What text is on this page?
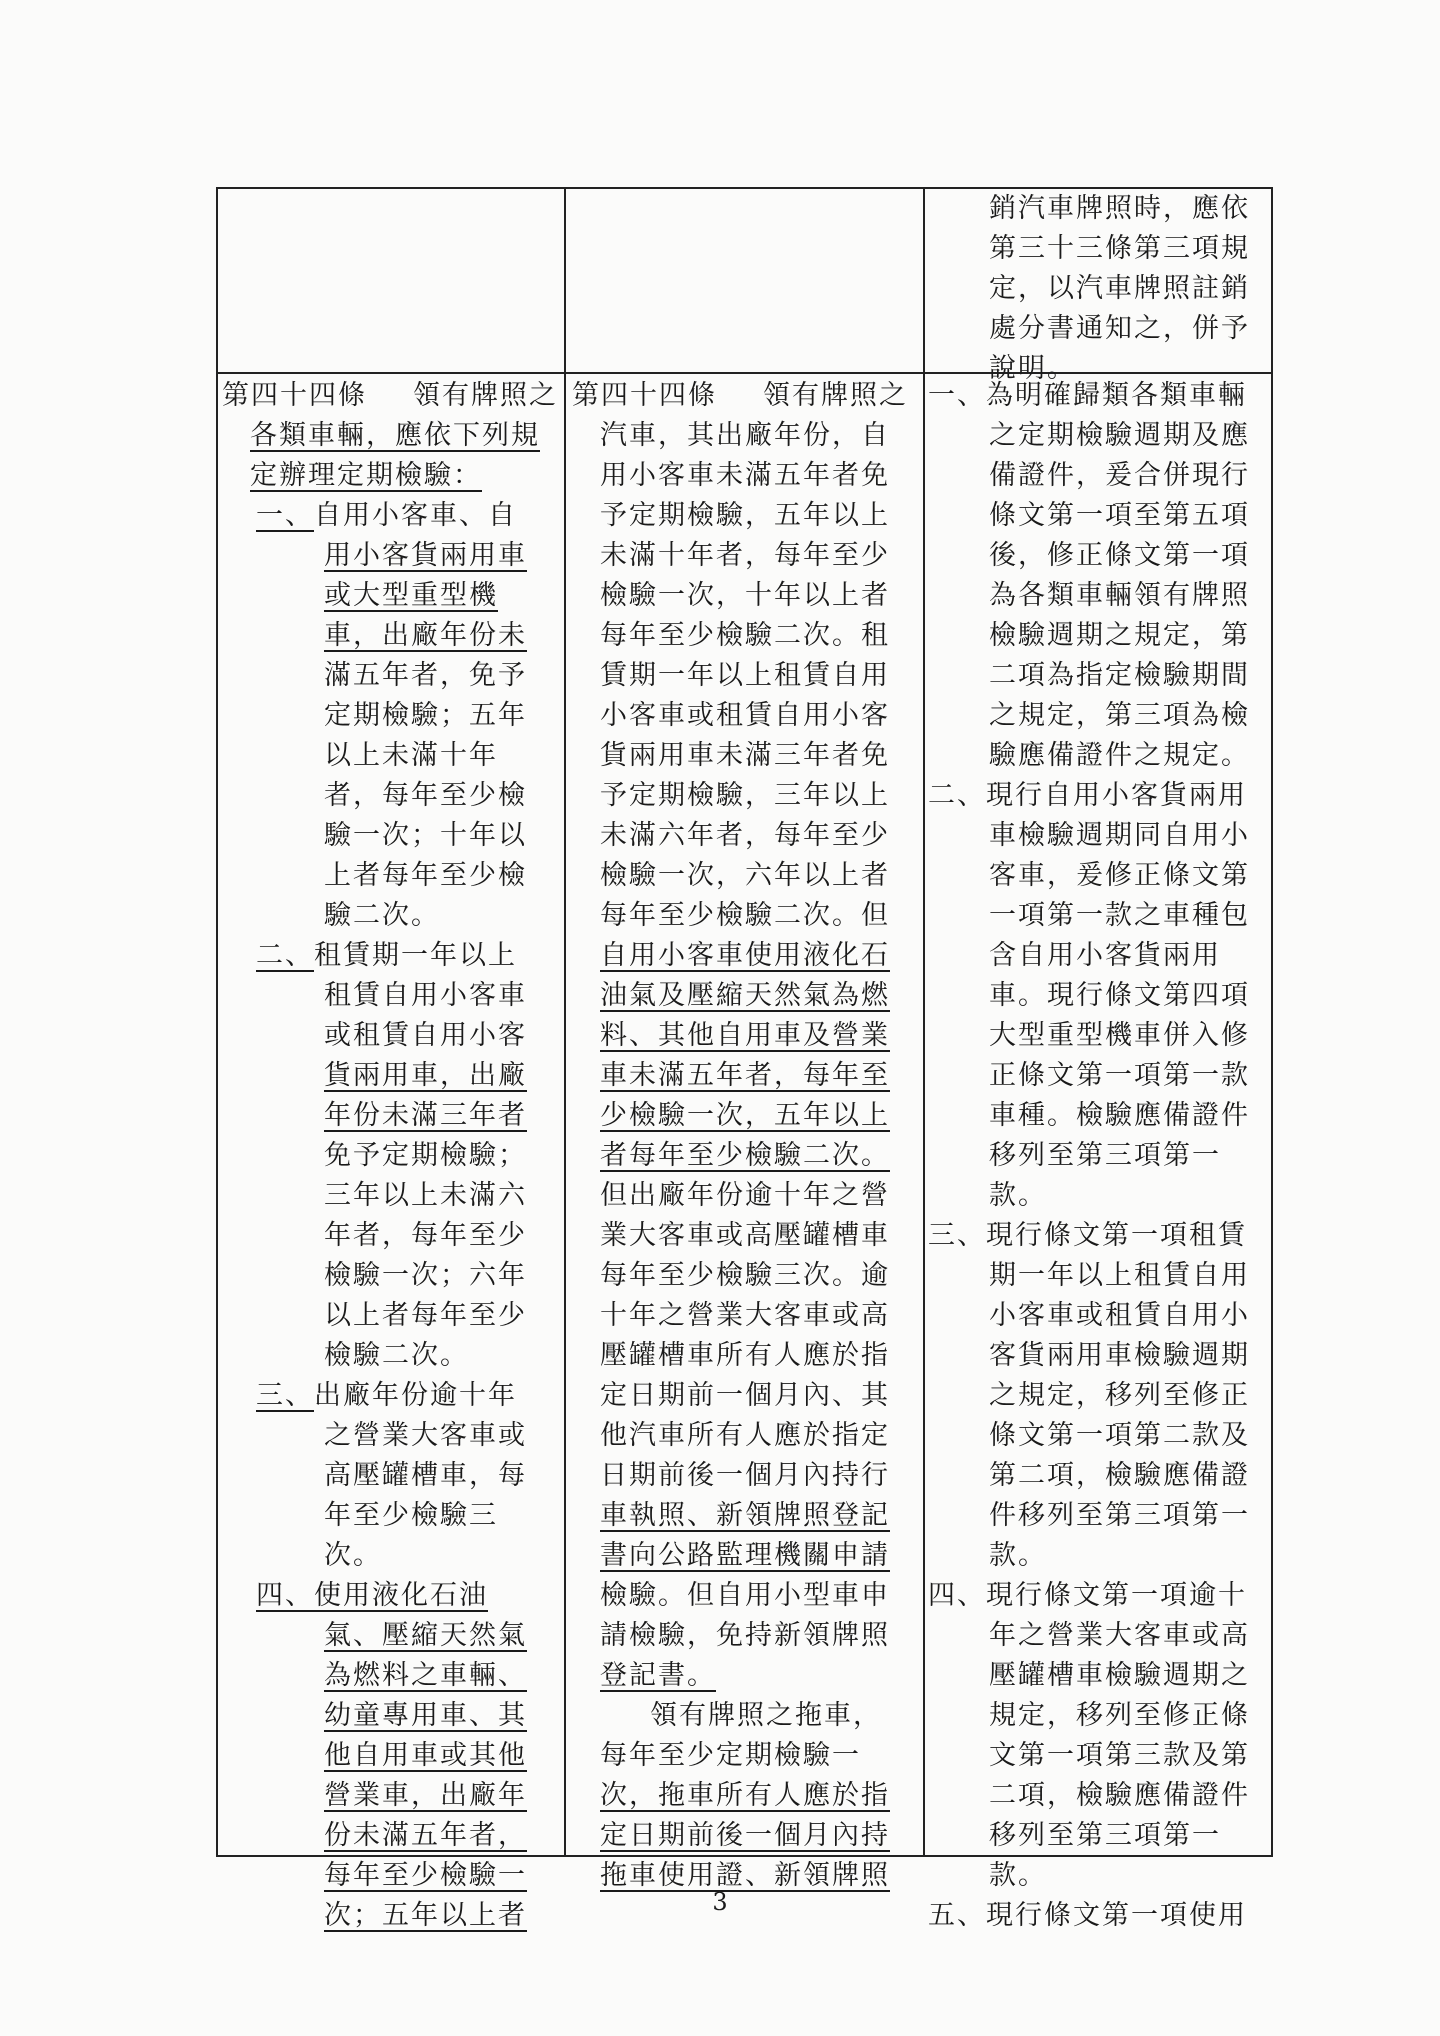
銷汽車牌照時，應依
第三十三條第三項規
定，以汽車牌照註銷
處分書通知之，併予
說明。
第四十四條 領有牌照之
各類車輛，應依下列規
定辦理定期檢驗：
一、自用小客車、自
用小客貨兩用車
或大型重型機
車，出廠年份未
滿五年者，免予
定期檢驗；五年
以上未滿十年
者，每年至少檢
驗一次；十年以
上者每年至少檢
驗二次。
二、租賃期一年以上
租賃自用小客車
或租賃自用小客
貨兩用車，出廠
年份未滿三年者
免予定期檢驗；
三年以上未滿六
年者，每年至少
檢驗一次；六年
以上者每年至少
檢驗二次。
三、出廠年份逾十年
之營業大客車或
高壓罐槽車，每
年至少檢驗三
次。
四、使用液化石油
氣、壓縮天然氣
為燃料之車輛、
幼童專用車、其
他自用車或其他
營業車，出廠年
份未滿五年者，
每年至少檢驗一
次；五年以上者
第四十四條 領有牌照之
汽車，其出廠年份，自
用小客車未滿五年者免
予定期檢驗，五年以上
未滿十年者，每年至少
檢驗一次，十年以上者
每年至少檢驗二次。租
賃期一年以上租賃自用
小客車或租賃自用小客
貨兩用車未滿三年者免
予定期檢驗，三年以上
未滿六年者，每年至少
檢驗一次，六年以上者
每年至少檢驗二次。但
自用小客車使用液化石
油氣及壓縮天然氣為燃
料、其他自用車及營業
車未滿五年者，每年至
少檢驗一次，五年以上
者每年至少檢驗二次。
但出廠年份逾十年之營
業大客車或高壓罐槽車
每年至少檢驗三次。逾
十年之營業大客車或高
壓罐槽車所有人應於指
定日期前一個月內、其
他汽車所有人應於指定
日期前後一個月內持行
車執照、新領牌照登記
書向公路監理機關申請
檢驗。但自用小型車申
請檢驗，免持新領牌照
登記書。
領有牌照之拖車，
每年至少定期檢驗一
次，拖車所有人應於指
定日期前後一個月內持
拖車使用證、新領牌照
一、為明確歸類各類車輛
之定期檢驗週期及應
備證件，爰合併現行
條文第一項至第五項
後，修正條文第一項
為各類車輛領有牌照
檢驗週期之規定，第
二項為指定檢驗期間
之規定，第三項為檢
驗應備證件之規定。
二、現行自用小客貨兩用
車檢驗週期同自用小
客車，爰修正條文第
一項第一款之車種包
含自用小客貨兩用
車。現行條文第四項
大型重型機車併入修
正條文第一項第一款
車種。檢驗應備證件
移列至第三項第一
款。
三、現行條文第一項租賃
期一年以上租賃自用
小客車或租賃自用小
客貨兩用車檢驗週期
之規定，移列至修正
條文第一項第二款及
第二項，檢驗應備證
件移列至第三項第一
款。
四、現行條文第一項逾十
年之營業大客車或高
壓罐槽車檢驗週期之
規定，移列至修正條
文第一項第三款及第
二項，檢驗應備證件
移列至第三項第一
款。
五、現行條文第一項使用
3
